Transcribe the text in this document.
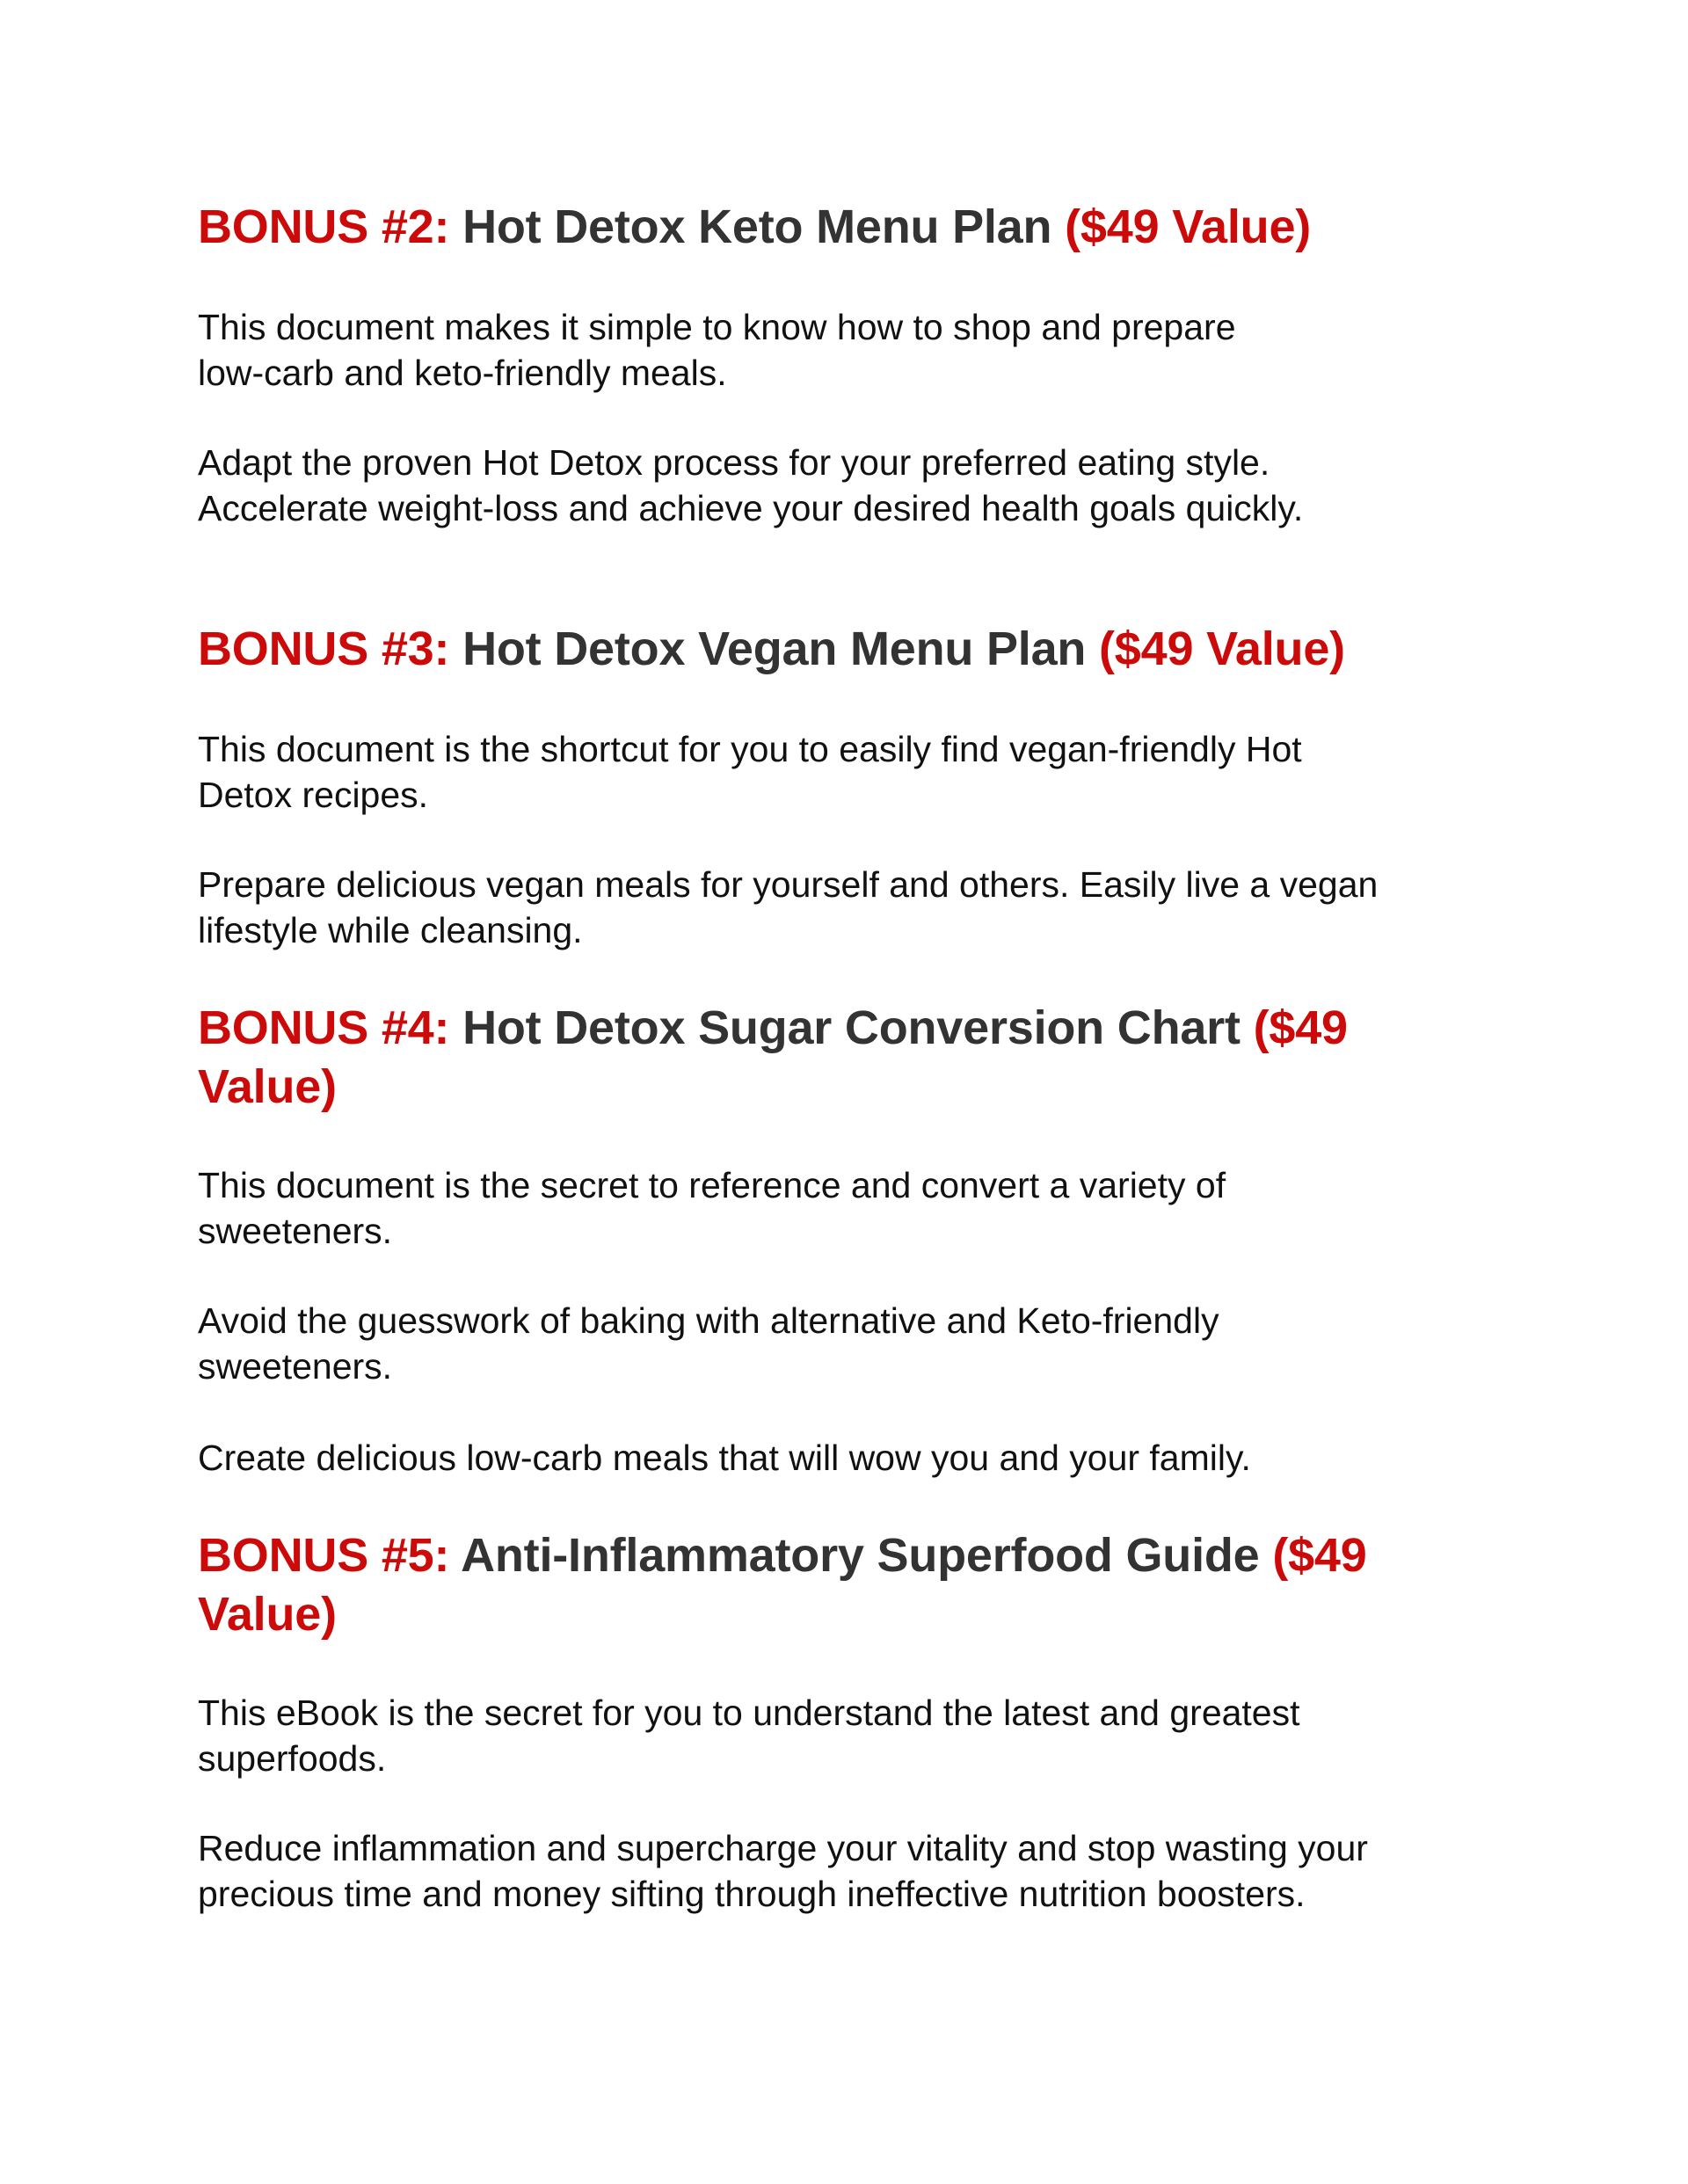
BONUS #2: Hot Detox Keto Menu Plan ($49 Value)

This document makes it simple to know how to shop and prepare
low-carb and keto-friendly meals.

Adapt the proven Hot Detox process for your preferred eating style.
Accelerate weight-loss and achieve your desired health goals quickly.

BONUS #3: Hot Detox Vegan Menu Plan ($49 Value)

This document is the shortcut for you to easily find vegan-friendly Hot
Detox recipes.

Prepare delicious vegan meals for yourself and others. Easily live a vegan
lifestyle while cleansing.

BONUS #4: Hot Detox Sugar Conversion Chart ($49 Value)

This document is the secret to reference and convert a variety of
sweeteners.

Avoid the guesswork of baking with alternative and Keto-friendly
sweeteners.

Create delicious low-carb meals that will wow you and your family.

BONUS #5: Anti-Inflammatory Superfood Guide ($49 Value)

This eBook is the secret for you to understand the latest and greatest
superfoods.

Reduce inflammation and supercharge your vitality and stop wasting your
precious time and money sifting through ineffective nutrition boosters.
